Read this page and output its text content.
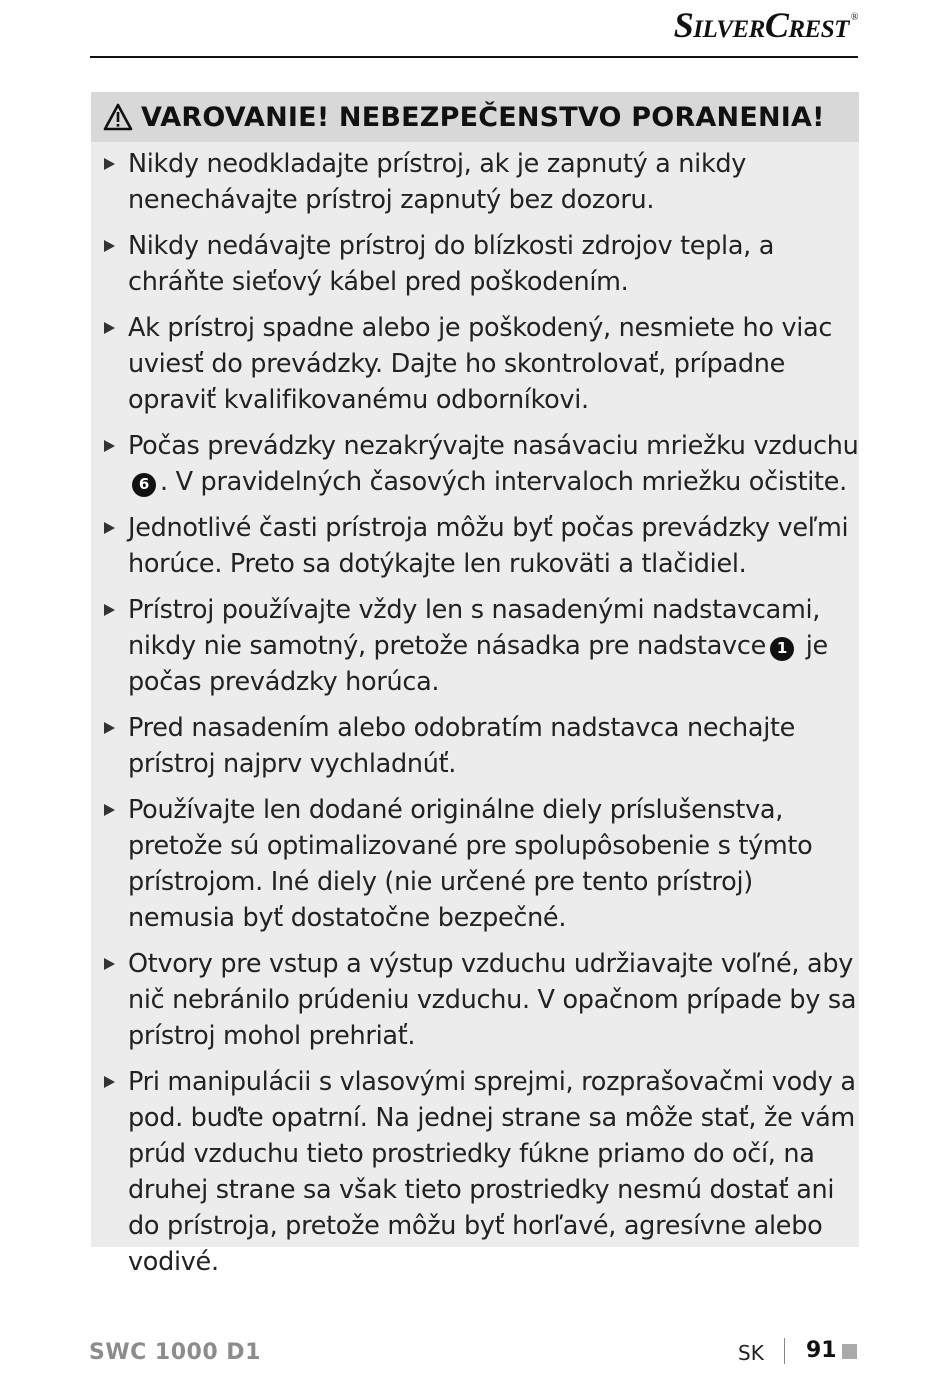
SilverCrest ®
VAROVANIE! NEBEZPEČENSTVO PORANENIA!
Nikdy neodkladajte prístroj, ak je zapnutý a nikdy nenechávajte prístroj zapnutý bez dozoru.
Nikdy nedávajte prístroj do blízkosti zdrojov tepla, a chráňte sieťový kábel pred poškodením.
Ak prístroj spadne alebo je poškodený, nesmiete ho viac uviesť do prevádzky. Dajte ho skontrolovať, prípadne opraviť kvalifikovanému odborníkovi.
Počas prevádzky nezakrývajte nasávaciu mriežku vzduchu6 . V pravidelných časových intervaloch mriežku očistite.
Jednotlivé časti prístroja môžu byť počas prevádzky veľmi horúce. Preto sa dotýkajte len rukoväti a tlačidiel.
Prístroj používajte vždy len s nasadenými nadstavcami, nikdy nie samotný, pretože násadka pre nadstavce 1 je počas prevádzky horúca.
Pred nasadením alebo odobratím nadstavca nechajte prístroj najprv vychladnúť.
Používajte len dodané originálne diely príslušenstva, pretože sú optimalizované pre spolupôsobenie s týmto prístrojom. Iné diely (nie určené pre tento prístroj) nemusia byť dostatočne bezpečné.
Otvory pre vstup a výstup vzduchu udržiavajte voľné, aby nič nebránilo prúdeniu vzduchu. V opačnom prípade by sa prístroj mohol prehriať.
Pri manipulácii s vlasovými sprejmi, rozprašovačmi vody a pod. buďte opatrní. Na jednej strane sa môže stať, že vám prúd vzduchu tieto prostriedky fúkne priamo do očí, na druhej strane sa však tieto prostriedky nesmú dostať ani do prístroja, pretože môžu byť horľavé, agresívne alebo vodivé.
SWC 1000 D1	SK 91
